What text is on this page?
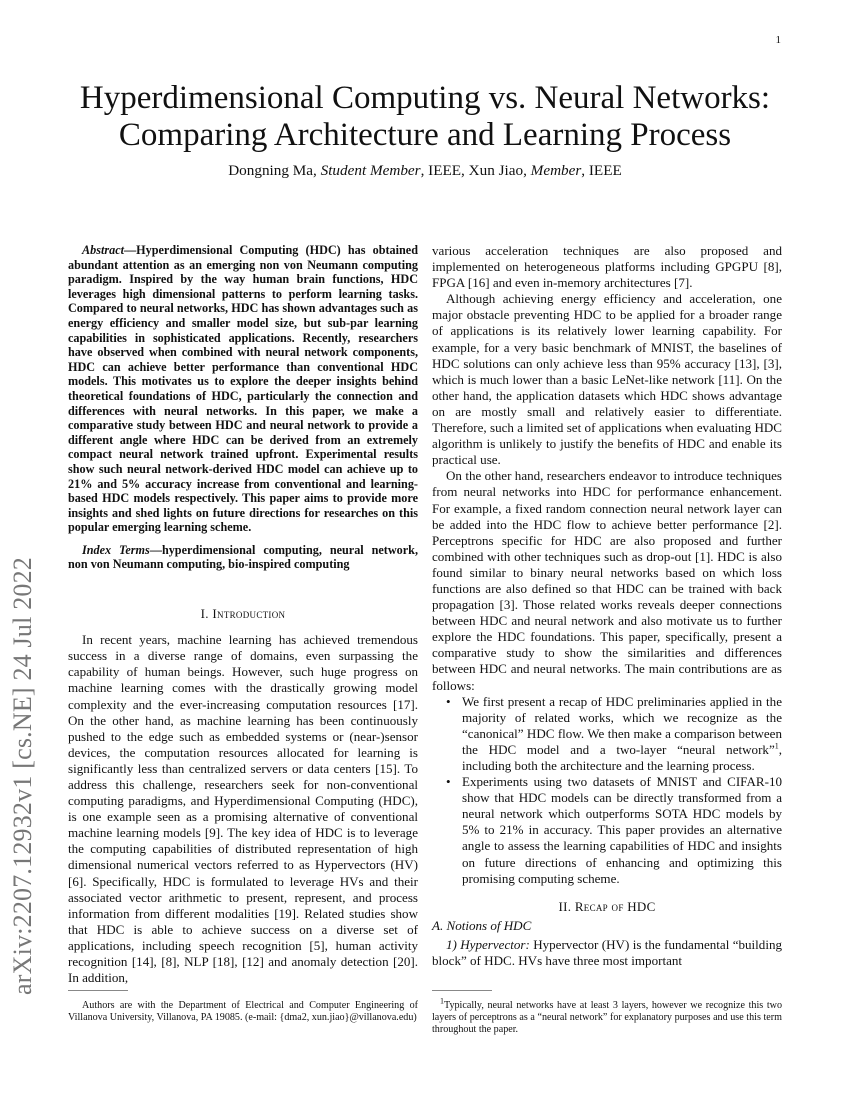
1
arXiv:2207.12932v1 [cs.NE] 24 Jul 2022
Hyperdimensional Computing vs. Neural Networks:
Comparing Architecture and Learning Process
Dongning Ma, Student Member, IEEE, Xun Jiao, Member, IEEE

Abstract—Hyperdimensional Computing (HDC) has obtained abundant attention as an emerging non von Neumann computing paradigm. Inspired by the way human brain functions, HDC leverages high dimensional patterns to perform learning tasks. Compared to neural networks, HDC has shown advantages such as energy efficiency and smaller model size, but sub-par learning capabilities in sophisticated applications. Recently, researchers have observed when combined with neural network components, HDC can achieve better performance than conventional HDC models. This motivates us to explore the deeper insights behind theoretical foundations of HDC, particularly the connection and differences with neural networks. In this paper, we make a comparative study between HDC and neural network to provide a different angle where HDC can be derived from an extremely compact neural network trained upfront. Experimental results show such neural network-derived HDC model can achieve up to 21% and 5% accuracy increase from conventional and learning-based HDC models respectively. This paper aims to provide more insights and shed lights on future directions for researches on this popular emerging learning scheme.

Index Terms—hyperdimensional computing, neural network, non von Neumann computing, bio-inspired computing

I. Introduction

In recent years, machine learning has achieved tremendous success in a diverse range of domains, even surpassing the capability of human beings. However, such huge progress on machine learning comes with the drastically growing model complexity and the ever-increasing computation resources [17]. On the other hand, as machine learning has been continuously pushed to the edge such as embedded systems or (near-)sensor devices, the computation resources allocated for learning is significantly less than centralized servers or data centers [15]. To address this challenge, researchers seek for non-conventional computing paradigms, and Hyperdimensional Computing (HDC), is one example seen as a promising alternative of conventional machine learning models [9]. The key idea of HDC is to leverage the computing capabilities of distributed representation of high dimensional numerical vectors referred to as Hypervectors (HV) [6]. Specifically, HDC is formulated to leverage HVs and their associated vector arithmetic to present, represent, and process information from different modalities [19]. Related studies show that HDC is able to achieve success on a diverse set of applications, including speech recognition [5], human activity recognition [14], [8], NLP [18], [12] and anomaly detection [20]. In addition,

various acceleration techniques are also proposed and implemented on heterogeneous platforms including GPGPU [8], FPGA [16] and even in-memory architectures [7].

Although achieving energy efficiency and acceleration, one major obstacle preventing HDC to be applied for a broader range of applications is its relatively lower learning capability. For example, for a very basic benchmark of MNIST, the baselines of HDC solutions can only achieve less than 95% accuracy [13], [3], which is much lower than a basic LeNet-like network [11]. On the other hand, the application datasets which HDC shows advantage on are mostly small and relatively easier to differentiate. Therefore, such a limited set of applications when evaluating HDC algorithm is unlikely to justify the benefits of HDC and enable its practical use.

On the other hand, researchers endeavor to introduce techniques from neural networks into HDC for performance enhancement. For example, a fixed random connection neural network layer can be added into the HDC flow to achieve better performance [2]. Perceptrons specific for HDC are also proposed and further combined with other techniques such as drop-out [1]. HDC is also found similar to binary neural networks based on which loss functions are also defined so that HDC can be trained with back propagation [3]. Those related works reveals deeper connections between HDC and neural network and also motivate us to further explore the HDC foundations. This paper, specifically, present a comparative study to show the similarities and differences between HDC and neural networks. The main contributions are as follows:

• We first present a recap of HDC preliminaries applied in the majority of related works, which we recognize as the “canonical” HDC flow. We then make a comparison between the HDC model and a two-layer “neural network”$^1$, including both the architecture and the learning process.
• Experiments using two datasets of MNIST and CIFAR-10 show that HDC models can be directly transformed from a neural network which outperforms SOTA HDC models by 5% to 21% in accuracy. This paper provides an alternative angle to assess the learning capabilities of HDC and insights on future directions of enhancing and optimizing this promising computing scheme.
II. Recap of HDC
A. Notions of HDC

1) Hypervector: Hypervector (HV) is the fundamental “building block” of HDC. HVs have three most important

Authors are with the Department of Electrical and Computer Engineering of Villanova University, Villanova, PA 19085. (e-mail: {dma2, xun.jiao}@villanova.edu)
$^1$Typically, neural networks have at least 3 layers, however we recognize this two layers of perceptrons as a “neural network” for explanatory purposes and use this term throughout the paper.
